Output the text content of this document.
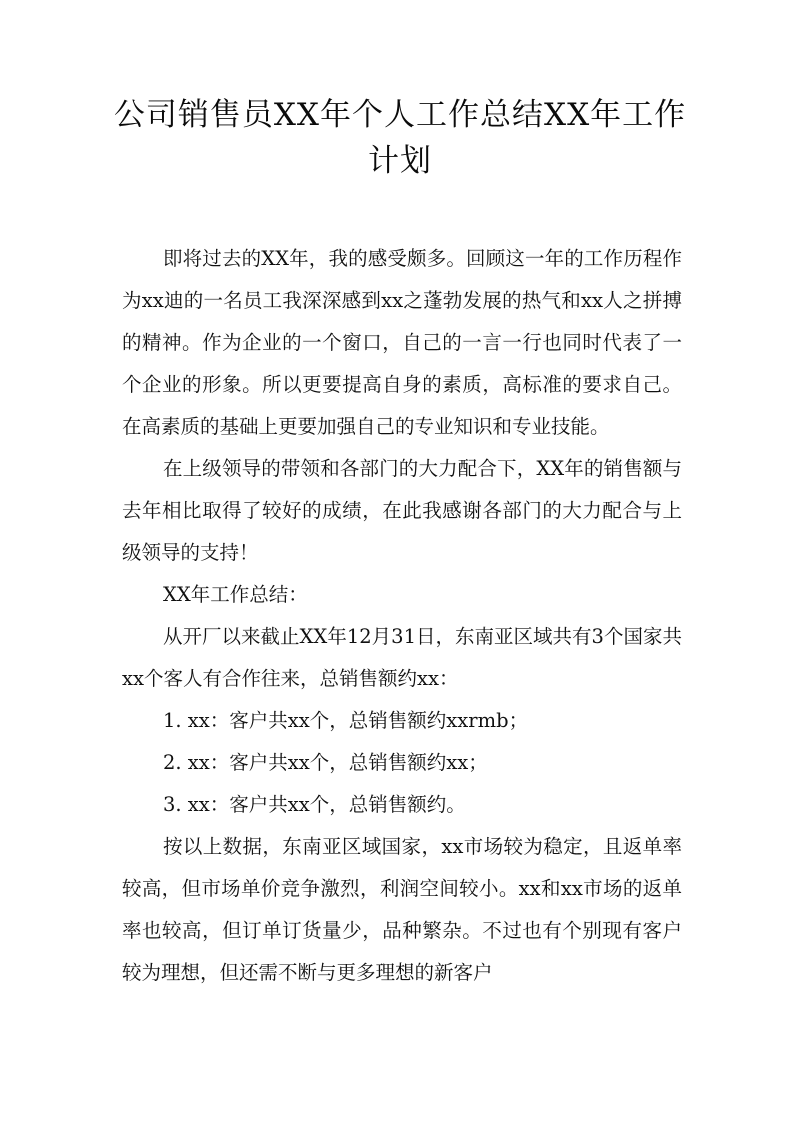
公司销售员XX年个人工作总结XX年工作计划

即将过去的XX年，我的感受颇多。回顾这一年的工作历程作为xx迪的一名员工我深深感到xx之蓬勃发展的热气和xx人之拼搏的精神。作为企业的一个窗口，自己的一言一行也同时代表了一个企业的形象。所以更要提高自身的素质，高标准的要求自己。在高素质的基础上更要加强自己的专业知识和专业技能。

在上级领导的带领和各部门的大力配合下，XX年的销售额与去年相比取得了较好的成绩，在此我感谢各部门的大力配合与上级领导的支持！

XX年工作总结：

从开厂以来截止XX年12月31日，东南亚区域共有3个国家共xx个客人有合作往来，总销售额约xx：

1. xx：客户共xx个，总销售额约xxrmb；

2. xx：客户共xx个，总销售额约xx；

3. xx：客户共xx个，总销售额约。

按以上数据，东南亚区域国家，xx市场较为稳定，且返单率较高，但市场单价竞争激烈，利润空间较小。xx和xx市场的返单率也较高，但订单订货量少，品种繁杂。不过也有个别现有客户较为理想，但还需不断与更多理想的新客户
